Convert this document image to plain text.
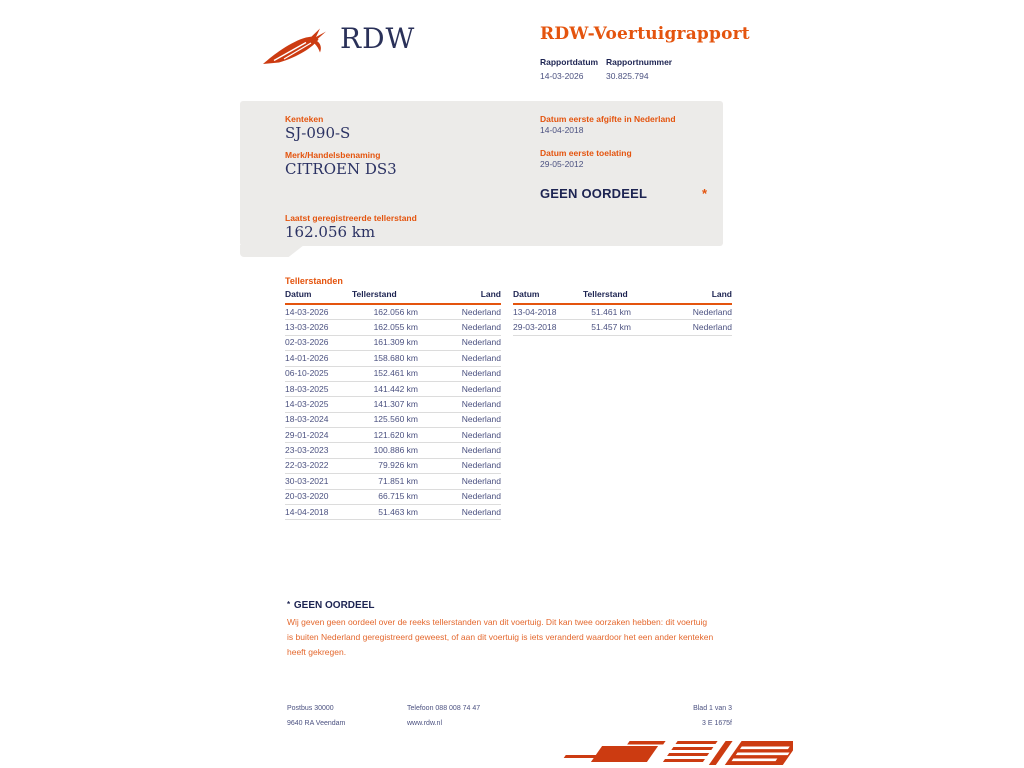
RDW	RDW-Voertuigrapport
Rapportdatum
14-03-2026
Rapportnummer
30.825.794
Kenteken
SJ-090-S
Merk/Handelsbenaming
CITROEN DS3
Laatst geregistreerde tellerstand
162.056 km
Datum eerste afgifte in Nederland
14-04-2018
Datum eerste toelating
29-05-2012
GEEN OORDEEL	*
Tellerstanden
Datum	Tellerstand	Land
14-03-2026	162.056 km	Nederland
13-03-2026	162.055 km	Nederland
02-03-2026	161.309 km	Nederland
14-01-2026	158.680 km	Nederland
06-10-2025	152.461 km	Nederland
18-03-2025	141.442 km	Nederland
14-03-2025	141.307 km	Nederland
18-03-2024	125.560 km	Nederland
29-01-2024	121.620 km	Nederland
23-03-2023	100.886 km	Nederland
22-03-2022	79.926 km	Nederland
30-03-2021	71.851 km	Nederland
20-03-2020	66.715 km	Nederland
14-04-2018	51.463 km	Nederland
Datum	Tellerstand	Land
13-04-2018	51.461 km	Nederland
29-03-2018	51.457 km	Nederland
* GEEN OORDEEL
Wij geven geen oordeel over de reeks tellerstanden van dit voertuig. Dit kan twee oorzaken hebben: dit voertuig is buiten Nederland geregistreerd geweest, of aan dit voertuig is iets veranderd waardoor het een ander kenteken heeft gekregen.
Postbus 30000
9640 RA Veendam
Telefoon 088 008 74 47
www.rdw.nl
Blad 1 van 3
3 E 1675f
